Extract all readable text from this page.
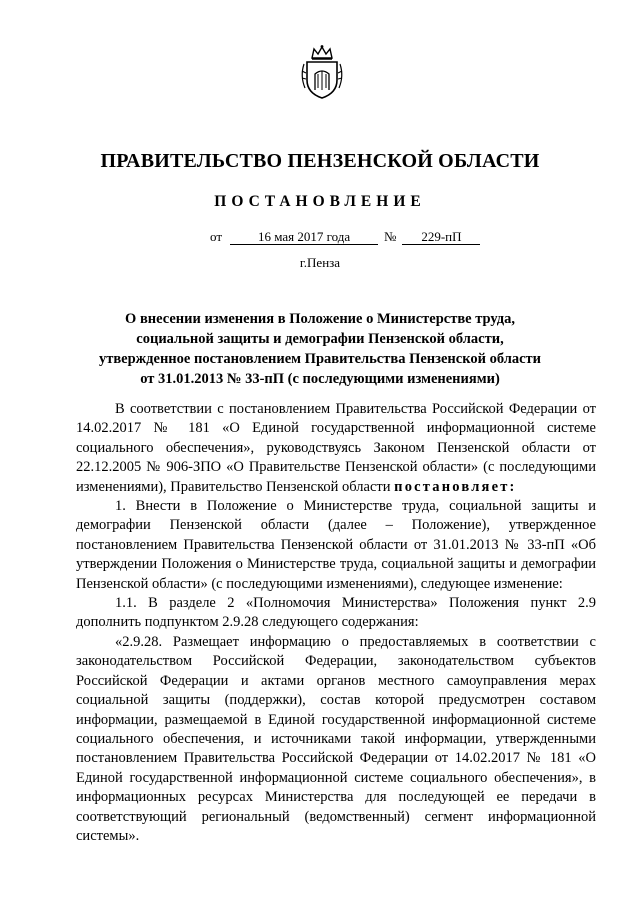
ПРАВИТЕЛЬСТВО ПЕНЗЕНСКОЙ ОБЛАСТИ
ПОСТАНОВЛЕНИЕ
от	16 мая 2017 года	№ 229-пП
г.Пенза
О внесении изменения в Положение о Министерстве труда, социальной защиты и демографии Пензенской области, утвержденное постановлением Правительства Пензенской области от 31.01.2013 № 33-пП (с последующими изменениями)

В соответствии с постановлением Правительства Российской Федерации от 14.02.2017 № 181 «О Единой государственной информационной системе социального обеспечения», руководствуясь Законом Пензенской области от 22.12.2005 № 906-ЗПО «О Правительстве Пензенской области» (с последующими изменениями), Правительство Пензенской области постановляет:

1. Внести в Положение о Министерстве труда, социальной защиты и демографии Пензенской области (далее – Положение), утвержденное постановлением Правительства Пензенской области от 31.01.2013 № 33-пП «Об утверждении Положения о Министерстве труда, социальной защиты и демографии Пензенской области» (с последующими изменениями), следующее изменение:

1.1. В разделе 2 «Полномочия Министерства» Положения пункт 2.9 дополнить подпунктом 2.9.28 следующего содержания:

«2.9.28. Размещает информацию о предоставляемых в соответствии с законодательством Российской Федерации, законодательством субъектов Российской Федерации и актами органов местного самоуправления мерах социальной защиты (поддержки), состав которой предусмотрен составом информации, размещаемой в Единой государственной информационной системе социального обеспечения, и источниками такой информации, утвержденными постановлением Правительства Российской Федерации от 14.02.2017 № 181 «О Единой государственной информационной системе социального обеспечения», в информационных ресурсах Министерства для последующей ее передачи в соответствующий региональный (ведомственный) сегмент информационной системы».
